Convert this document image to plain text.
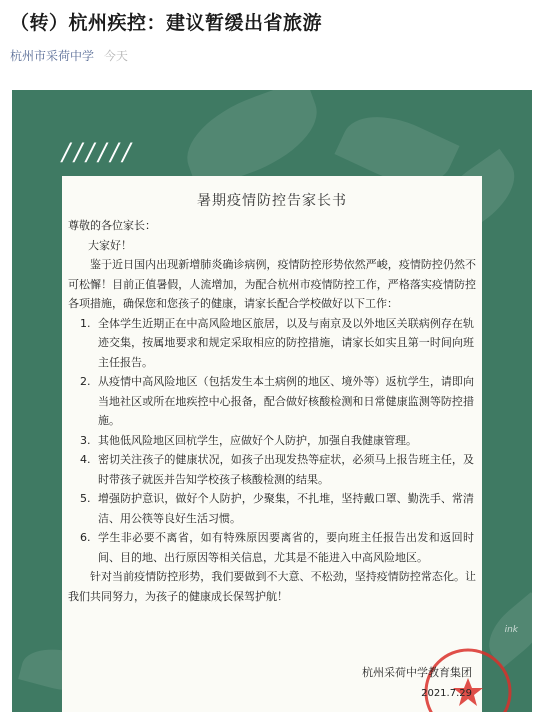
（转）杭州疾控：建议暂缓出省旅游
杭州市采荷中学 今天
//////
暑期疫情防控告家长书
尊敬的各位家长：
大家好！
鉴于近日国内出现新增肺炎确诊病例，疫情防控形势依然严峻，疫情防控仍然不可松懈！目前正值暑假，人流增加，为配合杭州市疫情防控工作，严格落实疫情防控各项措施，确保您和您孩子的健康，请家长配合学校做好以下工作：
1. 全体学生近期正在中高风险地区旅居，以及与南京及以外地区关联病例存在轨迹交集，按属地要求和规定采取相应的防控措施，请家长如实且第一时间向班主任报告。
2. 从疫情中高风险地区（包括发生本土病例的地区、境外等）返杭学生，请即向当地社区或所在地疾控中心报备，配合做好核酸检测和日常健康监测等防控措施。
3. 其他低风险地区回杭学生，应做好个人防护，加强自我健康管理。
4. 密切关注孩子的健康状况，如孩子出现发热等症状，必须马上报告班主任，及时带孩子就医并告知学校孩子核酸检测的结果。
5. 增强防护意识，做好个人防护，少聚集，不扎堆，坚持戴口罩、勤洗手、常清洁、用公筷等良好生活习惯。
6. 学生非必要不离省，如有特殊原因要离省的，要向班主任报告出发和返回时间、目的地、出行原因等相关信息，尤其是不能进入中高风险地区。
针对当前疫情防控形势，我们要做到不大意、不松劲，坚持疫情防控常态化。让我们共同努力，为孩子的健康成长保驾护航！
杭州采荷中学教育集团
2021.7.29
ink
